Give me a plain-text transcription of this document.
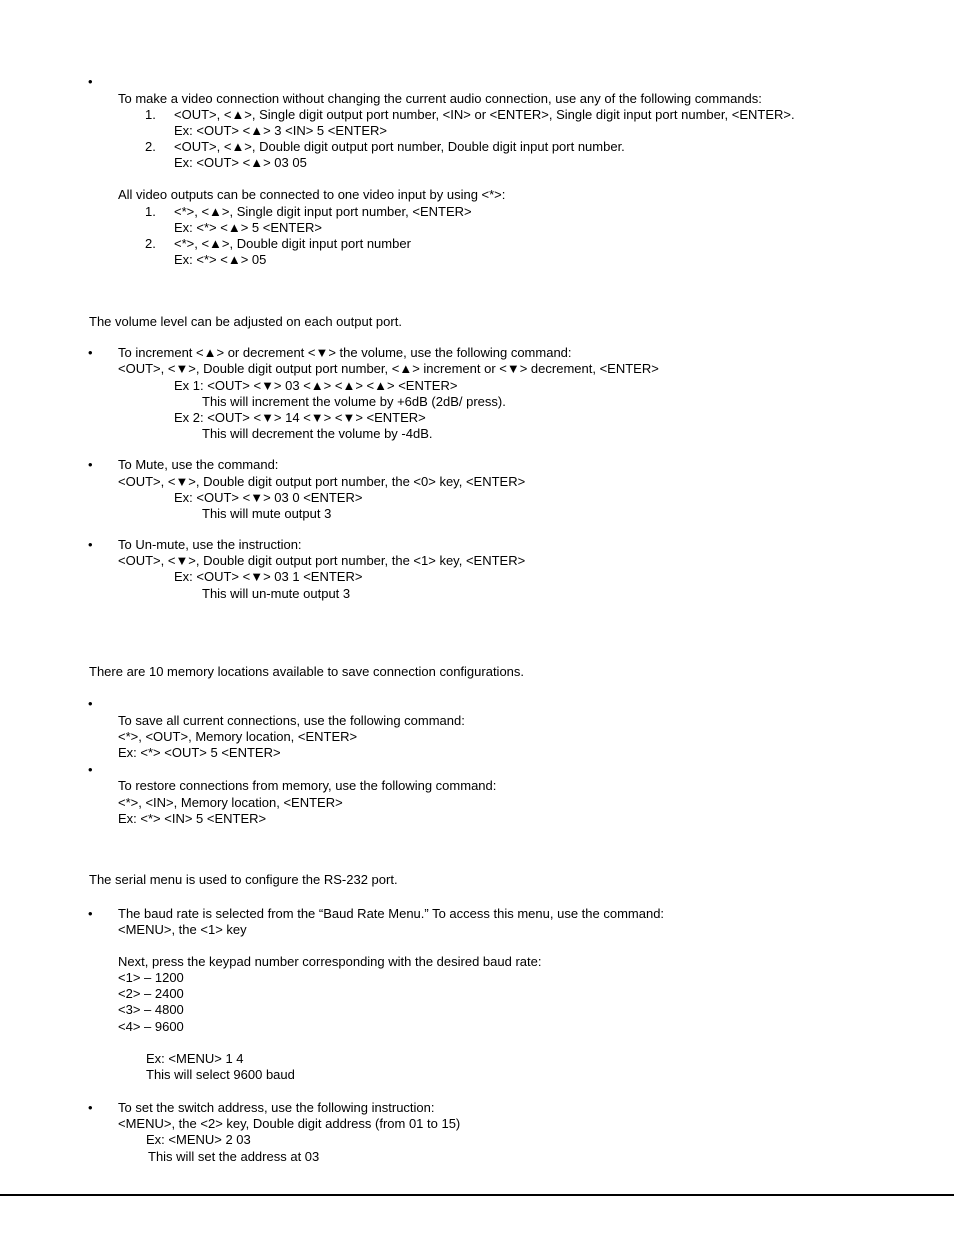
•

To make a video connection without changing the current audio connection, use any of the following commands:

1. <OUT>, <▲>, Single digit output port number, <IN> or <ENTER>, Single digit input port number, <ENTER>.

Ex: <OUT> <▲> 3 <IN> 5 <ENTER>

2. <OUT>, <▲>, Double digit output port number, Double digit input port number.

Ex: <OUT> <▲> 03 05

All video outputs can be connected to one video input by using <*>:

1. <*>, <▲>, Single digit input port number, <ENTER>

Ex: <*> <▲> 5 <ENTER>

2. <*>, <▲>, Double digit input port number

Ex: <*> <▲> 05

The volume level can be adjusted on each output port.

• To increment <▲> or decrement <▼> the volume, use the following command:

<OUT>, <▼>, Double digit output port number, <▲> increment or <▼> decrement, <ENTER>

Ex 1: <OUT> <▼> 03 <▲> <▲> <▲> <ENTER>

This will increment the volume by +6dB (2dB/ press).

Ex 2: <OUT> <▼> 14 <▼> <▼> <ENTER>

This will decrement the volume by -4dB.

• To Mute, use the command:

<OUT>, <▼>, Double digit output port number, the <0> key, <ENTER>

Ex: <OUT> <▼> 03 0 <ENTER>

This will mute output 3

• To Un-mute, use the instruction:

<OUT>, <▼>, Double digit output port number, the <1> key, <ENTER>

Ex: <OUT> <▼> 03 1 <ENTER>

This will un-mute output 3

There are 10 memory locations available to save connection configurations.

•

To save all current connections, use the following command:

<*>, <OUT>, Memory location, <ENTER>

Ex: <*> <OUT> 5 <ENTER>

•

To restore connections from memory, use the following command:

<*>, <IN>, Memory location, <ENTER>

Ex: <*> <IN> 5 <ENTER>

The serial menu is used to configure the RS-232 port.

• The baud rate is selected from the “Baud Rate Menu.” To access this menu, use the command:

<MENU>, the <1> key

Next, press the keypad number corresponding with the desired baud rate:

<1> – 1200

<2> – 2400

<3> – 4800

<4> – 9600

Ex: <MENU> 1 4

This will select 9600 baud

• To set the switch address, use the following instruction:

<MENU>, the <2> key, Double digit address (from 01 to 15)

Ex: <MENU> 2 03

This will set the address at 03
